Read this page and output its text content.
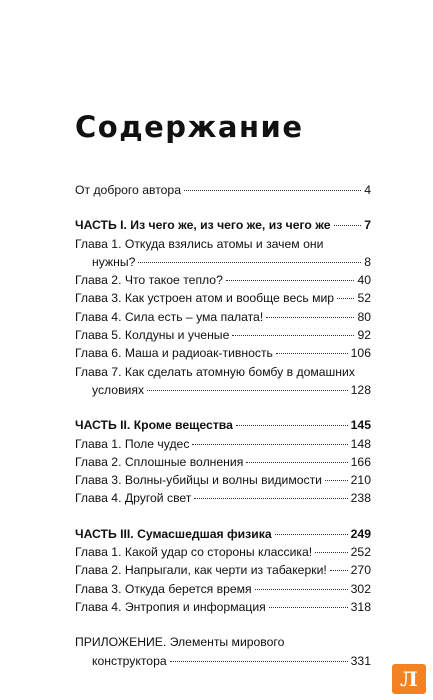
Содержание
От доброго автора	4
ЧАСТЬ I. Из чего же, из чего же, из чего же	7
Глава 1. Откуда взялись атомы и зачем они
нужны?	8
Глава 2. Что такое тепло?	40
Глава 3. Как устроен атом и вообще весь мир 52
Глава 4. Сила есть – ума палата!	80
Глава 5. Колдуны и ученые	92
Глава 6. Маша и радиоак-тивность	106
Глава 7. Как сделать атомную бомбу в домашних
условиях	128
ЧАСТЬ II. Кроме вещества	145
Глава 1. Поле чудес	148
Глава 2. Сплошные волнения	166
Глава 3. Волны-убийцы и волны видимости 210
Глава 4. Другой свет	238
ЧАСТЬ III. Сумасшедшая физика	249
Глава 1. Какой удар со стороны классика!	252
Глава 2. Напрыгали, как черти из табакерки! 270
Глава 3. Откуда берется время	302
Глава 4. Энтропия и информация	318
ПРИЛОЖЕНИЕ. Элементы мирового
конструктора	331
Л
